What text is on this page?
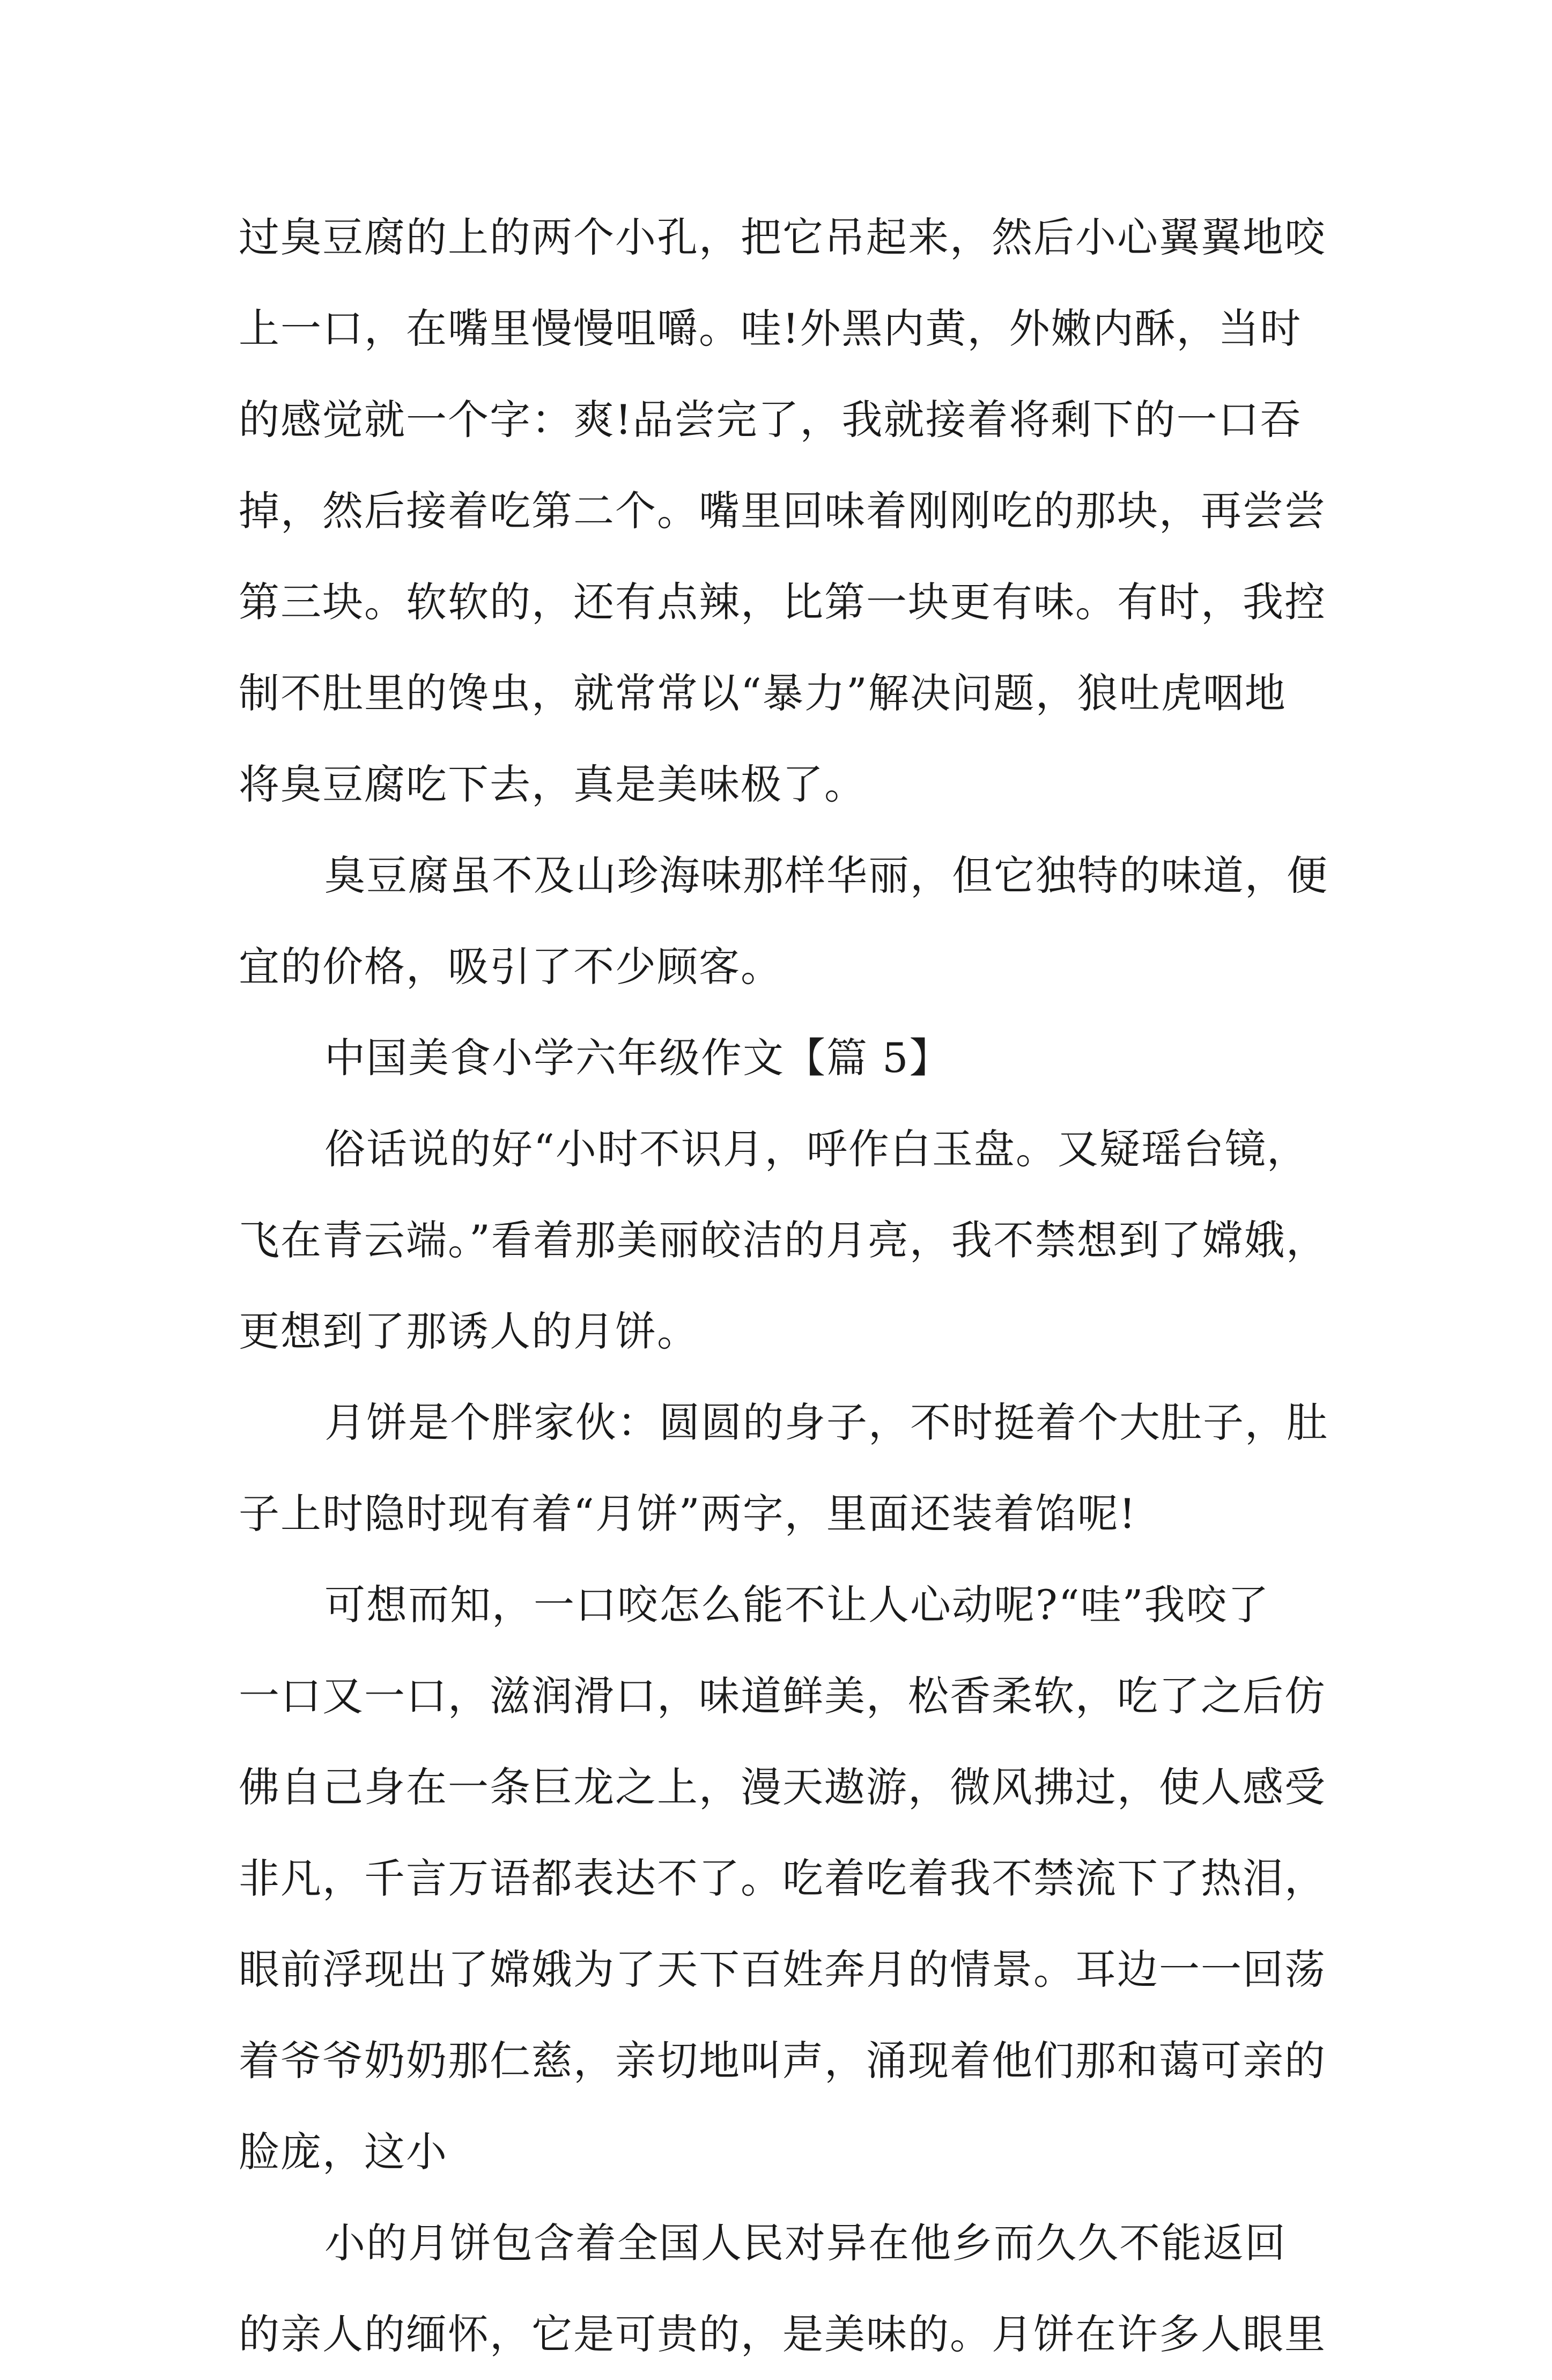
过臭豆腐的上的两个小孔，把它吊起来，然后小心翼翼地咬
上一口，在嘴里慢慢咀嚼。哇!外黑内黄，外嫩内酥，当时
的感觉就一个字：爽!品尝完了，我就接着将剩下的一口吞
掉，然后接着吃第二个。嘴里回味着刚刚吃的那块，再尝尝
第三块。软软的，还有点辣，比第一块更有味。有时，我控
制不肚里的馋虫，就常常以“暴力”解决问题，狼吐虎咽地
将臭豆腐吃下去，真是美味极了。
臭豆腐虽不及山珍海味那样华丽，但它独特的味道，便
宜的价格，吸引了不少顾客。
中国美食小学六年级作文【篇 5】
俗话说的好“小时不识月，呼作白玉盘。又疑瑶台镜，
飞在青云端。”看着那美丽皎洁的月亮，我不禁想到了嫦娥，
更想到了那诱人的月饼。
月饼是个胖家伙：圆圆的身子，不时挺着个大肚子，肚
子上时隐时现有着“月饼”两字，里面还装着馅呢!
可想而知，一口咬怎么能不让人心动呢?“哇”我咬了
一口又一口，滋润滑口，味道鲜美，松香柔软，吃了之后仿
佛自己身在一条巨龙之上，漫天遨游，微风拂过，使人感受
非凡，千言万语都表达不了。吃着吃着我不禁流下了热泪，
眼前浮现出了嫦娥为了天下百姓奔月的情景。耳边一一回荡
着爷爷奶奶那仁慈，亲切地叫声，涌现着他们那和蔼可亲的
脸庞，这小
小的月饼包含着全国人民对异在他乡而久久不能返回
的亲人的缅怀，它是可贵的，是美味的。月饼在许多人眼里
